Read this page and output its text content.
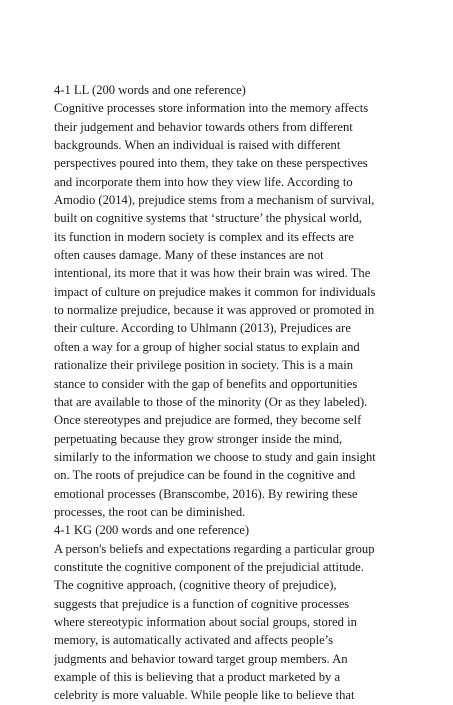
4-1 LL (200 words and one reference)
Cognitive processes store information into the memory affects
their judgement and behavior towards others from different
backgrounds. When an individual is raised with different
perspectives poured into them, they take on these perspectives
and incorporate them into how they view life. According to
Amodio (2014), prejudice stems from a mechanism of survival,
built on cognitive systems that ‘structure’ the physical world,
its function in modern society is complex and its effects are
often causes damage. Many of these instances are not
intentional, its more that it was how their brain was wired. The
impact of culture on prejudice makes it common for individuals
to normalize prejudice, because it was approved or promoted in
their culture. According to Uhlmann (2013), Prejudices are
often a way for a group of higher social status to explain and
rationalize their privilege position in society. This is a main
stance to consider with the gap of benefits and opportunities
that are available to those of the minority (Or as they labeled).
Once stereotypes and prejudice are formed, they become self
perpetuating because they grow stronger inside the mind,
similarly to the information we choose to study and gain insight
on. The roots of prejudice can be found in the cognitive and
emotional processes (Branscombe, 2016). By rewiring these
processes, the root can be diminished.
4-1 KG (200 words and one reference)
A person's beliefs and expectations regarding a particular group
constitute the cognitive component of the prejudicial attitude.
The cognitive approach, (cognitive theory of prejudice),
suggests that prejudice is a function of cognitive processes
where stereotypic information about social groups, stored in
memory, is automatically activated and affects people’s
judgments and behavior toward target group members. An
example of this is believing that a product marketed by a
celebrity is more valuable. While people like to believe that
